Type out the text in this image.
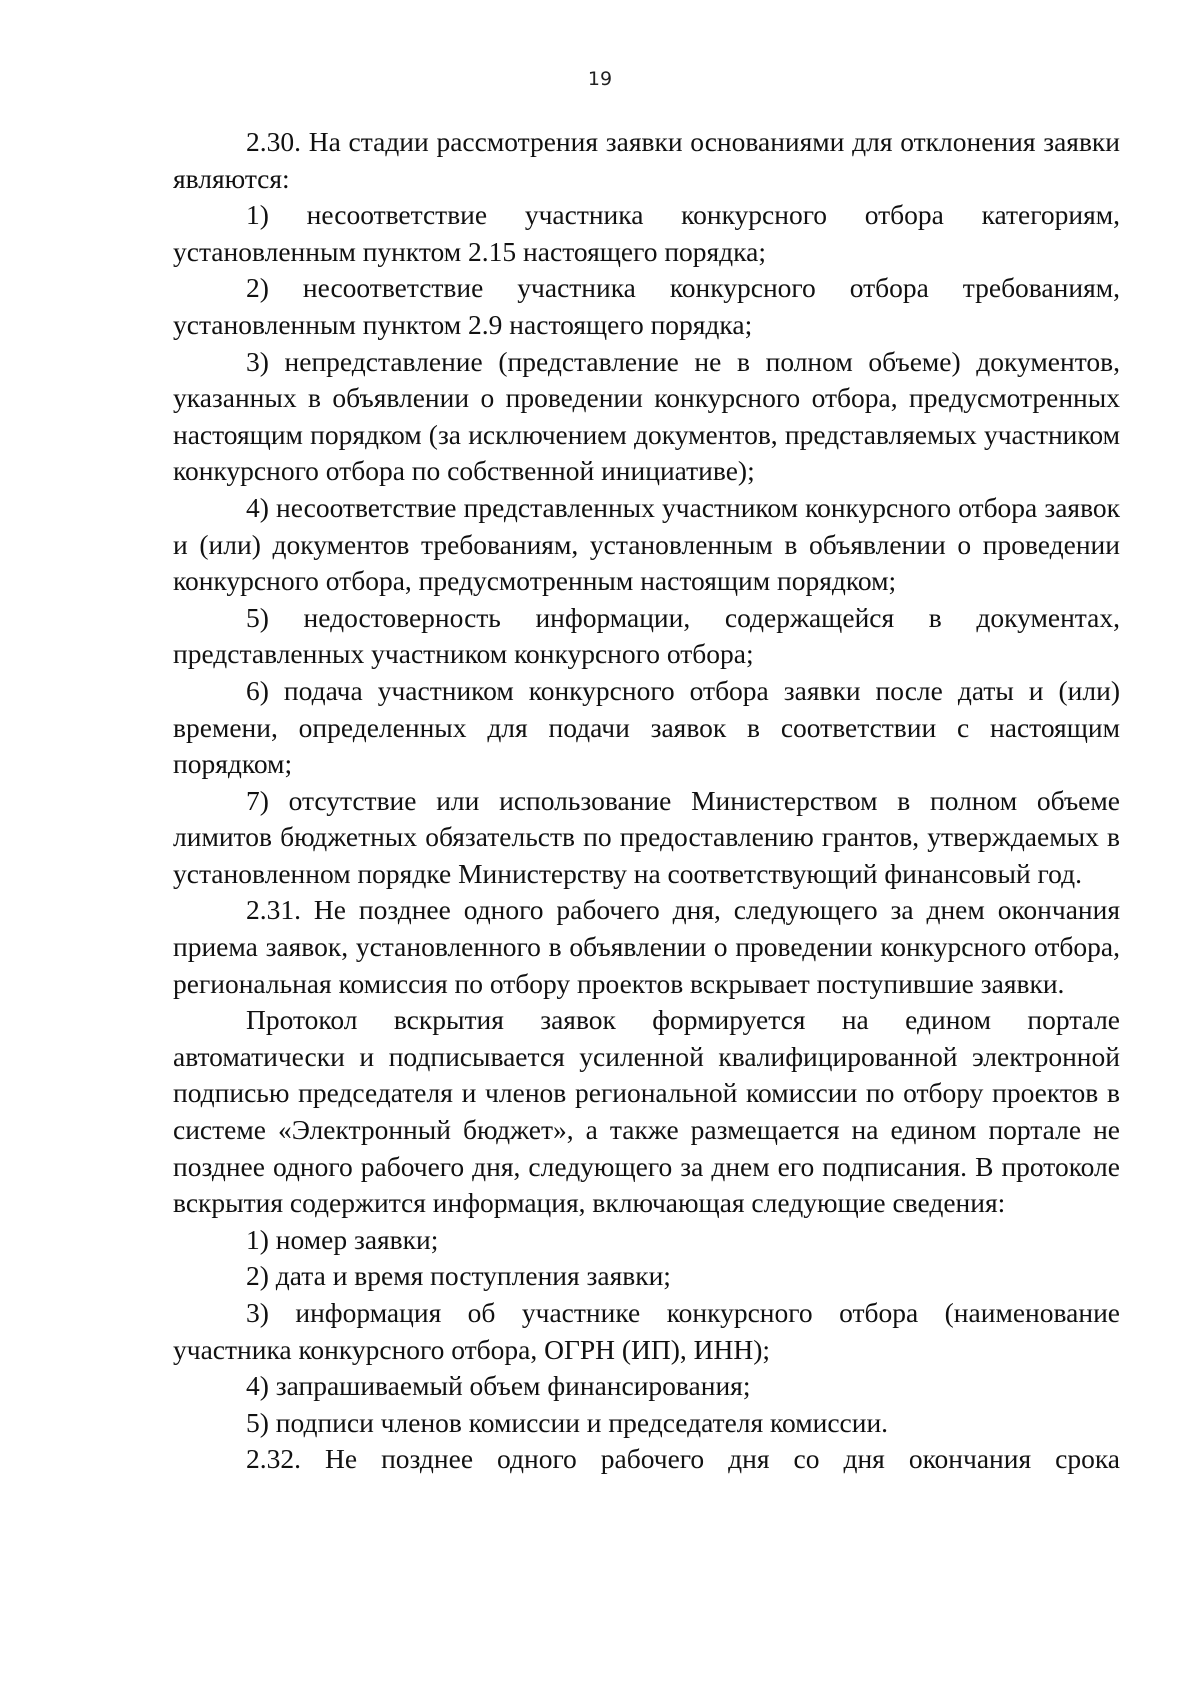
19

2.30. На стадии рассмотрения заявки основаниями для отклонения заявки являются:

1) несоответствие участника конкурсного отбора категориям, установленным пунктом 2.15 настоящего порядка;

2) несоответствие участника конкурсного отбора требованиям, установленным пунктом 2.9 настоящего порядка;

3) непредставление (представление не в полном объеме) документов, указанных в объявлении о проведении конкурсного отбора, предусмотренных настоящим порядком (за исключением документов, представляемых участником конкурсного отбора по собственной инициативе);

4) несоответствие представленных участником конкурсного отбора заявок и (или) документов требованиям, установленным в объявлении о проведении конкурсного отбора, предусмотренным настоящим порядком;

5) недостоверность информации, содержащейся в документах, представленных участником конкурсного отбора;

6) подача участником конкурсного отбора заявки после даты и (или) времени, определенных для подачи заявок в соответствии с настоящим порядком;

7) отсутствие или использование Министерством в полном объеме лимитов бюджетных обязательств по предоставлению грантов, утверждаемых в установленном порядке Министерству на соответствующий финансовый год.

2.31. Не позднее одного рабочего дня, следующего за днем окончания приема заявок, установленного в объявлении о проведении конкурсного отбора, региональная комиссия по отбору проектов вскрывает поступившие заявки.

Протокол вскрытия заявок формируется на едином портале автоматически и подписывается усиленной квалифицированной электронной подписью председателя и членов региональной комиссии по отбору проектов в системе «Электронный бюджет», а также размещается на едином портале не позднее одного рабочего дня, следующего за днем его подписания. В протоколе вскрытия содержится информация, включающая следующие сведения:

1) номер заявки;

2) дата и время поступления заявки;

3) информация об участнике конкурсного отбора (наименование участника конкурсного отбора, ОГРН (ИП), ИНН);

4) запрашиваемый объем финансирования;

5) подписи членов комиссии и председателя комиссии.

2.32. Не позднее одного рабочего дня со дня окончания срока
